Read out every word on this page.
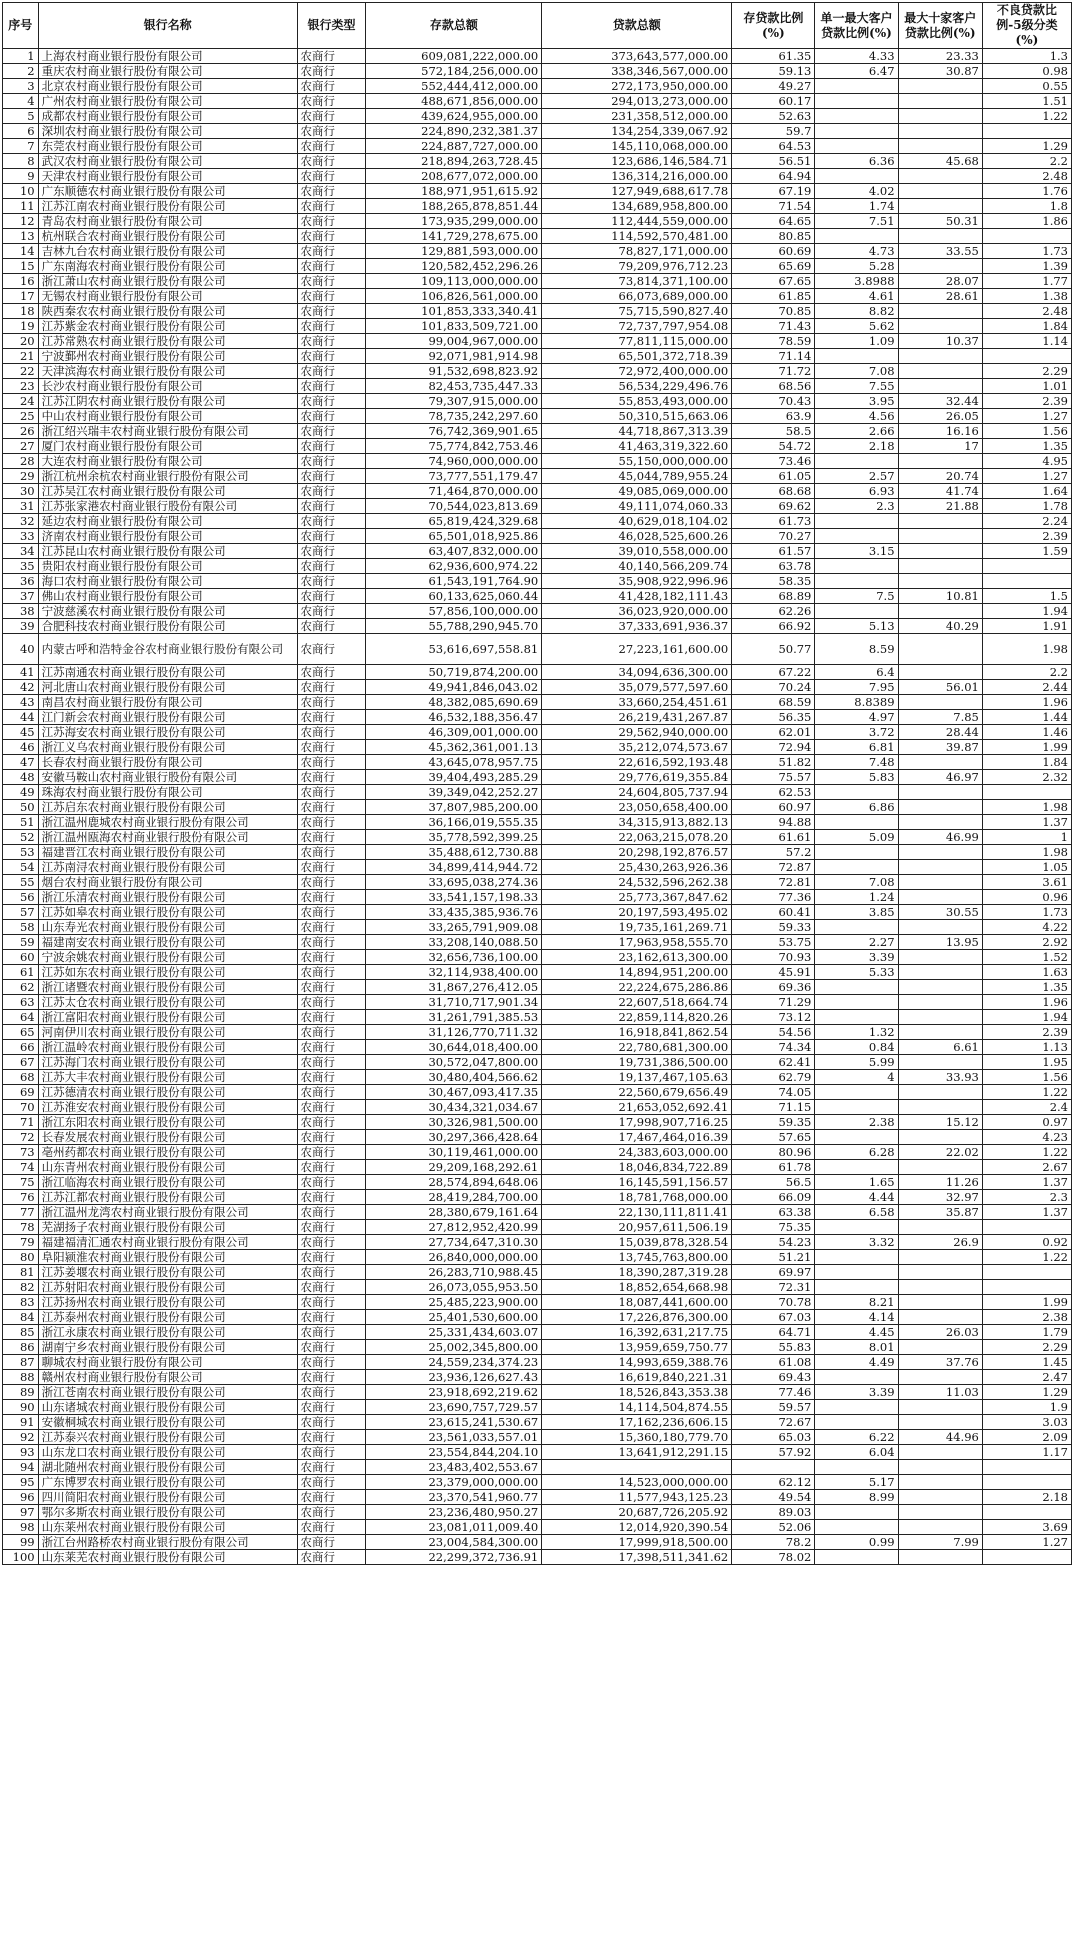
序号	银行名称	银行类型	存款总额	贷款总额	存贷款比例(%)	单一最大客户贷款比例(%)	最大十家客户贷款比例(%)	不良贷款比例-5级分类(%)
1	上海农村商业银行股份有限公司	农商行	609,081,222,000.00	373,643,577,000.00	61.35	4.33	23.33	1.3
2	重庆农村商业银行股份有限公司	农商行	572,184,256,000.00	338,346,567,000.00	59.13	6.47	30.87	0.98
3	北京农村商业银行股份有限公司	农商行	552,444,412,000.00	272,173,950,000.00	49.27			0.55
4	广州农村商业银行股份有限公司	农商行	488,671,856,000.00	294,013,273,000.00	60.17			1.51
5	成都农村商业银行股份有限公司	农商行	439,624,955,000.00	231,358,512,000.00	52.63			1.22
6	深圳农村商业银行股份有限公司	农商行	224,890,232,381.37	134,254,339,067.92	59.7			
7	东莞农村商业银行股份有限公司	农商行	224,887,727,000.00	145,110,068,000.00	64.53			1.29
8	武汉农村商业银行股份有限公司	农商行	218,894,263,728.45	123,686,146,584.71	56.51	6.36	45.68	2.2
9	天津农村商业银行股份有限公司	农商行	208,677,072,000.00	136,314,216,000.00	64.94			2.48
10	广东顺德农村商业银行股份有限公司	农商行	188,971,951,615.92	127,949,688,617.78	67.19	4.02		1.76
11	江苏江南农村商业银行股份有限公司	农商行	188,265,878,851.44	134,689,958,800.00	71.54	1.74		1.8
12	青岛农村商业银行股份有限公司	农商行	173,935,299,000.00	112,444,559,000.00	64.65	7.51	50.31	1.86
13	杭州联合农村商业银行股份有限公司	农商行	141,729,278,675.00	114,592,570,481.00	80.85			
14	吉林九台农村商业银行股份有限公司	农商行	129,881,593,000.00	78,827,171,000.00	60.69	4.73	33.55	1.73
15	广东南海农村商业银行股份有限公司	农商行	120,582,452,296.26	79,209,976,712.23	65.69	5.28		1.39
16	浙江萧山农村商业银行股份有限公司	农商行	109,113,000,000.00	73,814,371,100.00	67.65	3.8988	28.07	1.77
17	无锡农村商业银行股份有限公司	农商行	106,826,561,000.00	66,073,689,000.00	61.85	4.61	28.61	1.38
18	陕西秦农农村商业银行股份有限公司	农商行	101,853,333,340.41	75,715,590,827.40	70.85	8.82		2.48
19	江苏紫金农村商业银行股份有限公司	农商行	101,833,509,721.00	72,737,797,954.08	71.43	5.62		1.84
20	江苏常熟农村商业银行股份有限公司	农商行	99,004,967,000.00	77,811,115,000.00	78.59	1.09	10.37	1.14
21	宁波鄞州农村商业银行股份有限公司	农商行	92,071,981,914.98	65,501,372,718.39	71.14			
22	天津滨海农村商业银行股份有限公司	农商行	91,532,698,823.92	72,972,400,000.00	71.72	7.08		2.29
23	长沙农村商业银行股份有限公司	农商行	82,453,735,447.33	56,534,229,496.76	68.56	7.55		1.01
24	江苏江阴农村商业银行股份有限公司	农商行	79,307,915,000.00	55,853,493,000.00	70.43	3.95	32.44	2.39
25	中山农村商业银行股份有限公司	农商行	78,735,242,297.60	50,310,515,663.06	63.9	4.56	26.05	1.27
26	浙江绍兴瑞丰农村商业银行股份有限公司	农商行	76,742,369,901.65	44,718,867,313.39	58.5	2.66	16.16	1.56
27	厦门农村商业银行股份有限公司	农商行	75,774,842,753.46	41,463,319,322.60	54.72	2.18	17	1.35
28	大连农村商业银行股份有限公司	农商行	74,960,000,000.00	55,150,000,000.00	73.46			4.95
29	浙江杭州余杭农村商业银行股份有限公司	农商行	73,777,551,179.47	45,044,789,955.24	61.05	2.57	20.74	1.27
30	江苏吴江农村商业银行股份有限公司	农商行	71,464,870,000.00	49,085,069,000.00	68.68	6.93	41.74	1.64
31	江苏张家港农村商业银行股份有限公司	农商行	70,544,023,813.69	49,111,074,060.33	69.62	2.3	21.88	1.78
32	延边农村商业银行股份有限公司	农商行	65,819,424,329.68	40,629,018,104.02	61.73			2.24
33	济南农村商业银行股份有限公司	农商行	65,501,018,925.86	46,028,525,600.26	70.27			2.39
34	江苏昆山农村商业银行股份有限公司	农商行	63,407,832,000.00	39,010,558,000.00	61.57	3.15		1.59
35	贵阳农村商业银行股份有限公司	农商行	62,936,600,974.22	40,140,566,209.74	63.78			
36	海口农村商业银行股份有限公司	农商行	61,543,191,764.90	35,908,922,996.96	58.35			
37	佛山农村商业银行股份有限公司	农商行	60,133,625,060.44	41,428,182,111.43	68.89	7.5	10.81	1.5
38	宁波慈溪农村商业银行股份有限公司	农商行	57,856,100,000.00	36,023,920,000.00	62.26			1.94
39	合肥科技农村商业银行股份有限公司	农商行	55,788,290,945.70	37,333,691,936.37	66.92	5.13	40.29	1.91
40	内蒙古呼和浩特金谷农村商业银行股份有限公司	农商行	53,616,697,558.81	27,223,161,600.00	50.77	8.59		1.98
41	江苏南通农村商业银行股份有限公司	农商行	50,719,874,200.00	34,094,636,300.00	67.22	6.4		2.2
42	河北唐山农村商业银行股份有限公司	农商行	49,941,846,043.02	35,079,577,597.60	70.24	7.95	56.01	2.44
43	南昌农村商业银行股份有限公司	农商行	48,382,085,690.69	33,660,254,451.61	68.59	8.8389		1.96
44	江门新会农村商业银行股份有限公司	农商行	46,532,188,356.47	26,219,431,267.87	56.35	4.97	7.85	1.44
45	江苏海安农村商业银行股份有限公司	农商行	46,309,001,000.00	29,562,940,000.00	62.01	3.72	28.44	1.46
46	浙江义乌农村商业银行股份有限公司	农商行	45,362,361,001.13	35,212,074,573.67	72.94	6.81	39.87	1.99
47	长春农村商业银行股份有限公司	农商行	43,645,078,957.75	22,616,592,193.48	51.82	7.48		1.84
48	安徽马鞍山农村商业银行股份有限公司	农商行	39,404,493,285.29	29,776,619,355.84	75.57	5.83	46.97	2.32
49	珠海农村商业银行股份有限公司	农商行	39,349,042,252.27	24,604,805,737.94	62.53			
50	江苏启东农村商业银行股份有限公司	农商行	37,807,985,200.00	23,050,658,400.00	60.97	6.86		1.98
51	浙江温州鹿城农村商业银行股份有限公司	农商行	36,166,019,555.35	34,315,913,882.13	94.88			1.37
52	浙江温州瓯海农村商业银行股份有限公司	农商行	35,778,592,399.25	22,063,215,078.20	61.61	5.09	46.99	1
53	福建晋江农村商业银行股份有限公司	农商行	35,488,612,730.88	20,298,192,876.57	57.2			1.98
54	江苏南浔农村商业银行股份有限公司	农商行	34,899,414,944.72	25,430,263,926.36	72.87			1.05
55	烟台农村商业银行股份有限公司	农商行	33,695,038,274.36	24,532,596,262.38	72.81	7.08		3.61
56	浙江乐清农村商业银行股份有限公司	农商行	33,541,157,198.33	25,773,367,847.62	77.36	1.24		0.96
57	江苏如皋农村商业银行股份有限公司	农商行	33,435,385,936.76	20,197,593,495.02	60.41	3.85	30.55	1.73
58	山东寿光农村商业银行股份有限公司	农商行	33,265,791,909.08	19,735,161,269.71	59.33			4.22
59	福建南安农村商业银行股份有限公司	农商行	33,208,140,088.50	17,963,958,555.70	53.75	2.27	13.95	2.92
60	宁波余姚农村商业银行股份有限公司	农商行	32,656,736,100.00	23,162,613,300.00	70.93	3.39		1.52
61	江苏如东农村商业银行股份有限公司	农商行	32,114,938,400.00	14,894,951,200.00	45.91	5.33		1.63
62	浙江诸暨农村商业银行股份有限公司	农商行	31,867,276,412.05	22,224,675,286.86	69.36			1.35
63	江苏太仓农村商业银行股份有限公司	农商行	31,710,717,901.34	22,607,518,664.74	71.29			1.96
64	浙江富阳农村商业银行股份有限公司	农商行	31,261,791,385.53	22,859,114,820.26	73.12			1.94
65	河南伊川农村商业银行股份有限公司	农商行	31,126,770,711.32	16,918,841,862.54	54.56	1.32		2.39
66	浙江温岭农村商业银行股份有限公司	农商行	30,644,018,400.00	22,780,681,300.00	74.34	0.84	6.61	1.13
67	江苏海门农村商业银行股份有限公司	农商行	30,572,047,800.00	19,731,386,500.00	62.41	5.99		1.95
68	江苏大丰农村商业银行股份有限公司	农商行	30,480,404,566.62	19,137,467,105.63	62.79	4	33.93	1.56
69	江苏德清农村商业银行股份有限公司	农商行	30,467,093,417.35	22,560,679,656.49	74.05			1.22
70	江苏淮安农村商业银行股份有限公司	农商行	30,434,321,034.67	21,653,052,692.41	71.15			2.4
71	浙江东阳农村商业银行股份有限公司	农商行	30,326,981,500.00	17,998,907,716.25	59.35	2.38	15.12	0.97
72	长春发展农村商业银行股份有限公司	农商行	30,297,366,428.64	17,467,464,016.39	57.65			4.23
73	亳州药都农村商业银行股份有限公司	农商行	30,119,461,000.00	24,383,603,000.00	80.96	6.28	22.02	1.22
74	山东青州农村商业银行股份有限公司	农商行	29,209,168,292.61	18,046,834,722.89	61.78			2.67
75	浙江临海农村商业银行股份有限公司	农商行	28,574,894,648.06	16,145,591,156.57	56.5	1.65	11.26	1.37
76	江苏江都农村商业银行股份有限公司	农商行	28,419,284,700.00	18,781,768,000.00	66.09	4.44	32.97	2.3
77	浙江温州龙湾农村商业银行股份有限公司	农商行	28,380,679,161.64	22,130,111,811.41	63.38	6.58	35.87	1.37
78	芜湖扬子农村商业银行股份有限公司	农商行	27,812,952,420.99	20,957,611,506.19	75.35			
79	福建福清汇通农村商业银行股份有限公司	农商行	27,734,647,310.30	15,039,878,328.54	54.23	3.32	26.9	0.92
80	阜阳颍淮农村商业银行股份有限公司	农商行	26,840,000,000.00	13,745,763,800.00	51.21			1.22
81	江苏姜堰农村商业银行股份有限公司	农商行	26,283,710,988.45	18,390,287,319.28	69.97			
82	江苏射阳农村商业银行股份有限公司	农商行	26,073,055,953.50	18,852,654,668.98	72.31			
83	江苏扬州农村商业银行股份有限公司	农商行	25,485,223,900.00	18,087,441,600.00	70.78	8.21		1.99
84	江苏泰州农村商业银行股份有限公司	农商行	25,401,530,600.00	17,226,876,300.00	67.03	4.14		2.38
85	浙江永康农村商业银行股份有限公司	农商行	25,331,434,603.07	16,392,631,217.75	64.71	4.45	26.03	1.79
86	湖南宁乡农村商业银行股份有限公司	农商行	25,002,345,800.00	13,959,659,750.77	55.83	8.01		2.29
87	聊城农村商业银行股份有限公司	农商行	24,559,234,374.23	14,993,659,388.76	61.08	4.49	37.76	1.45
88	赣州农村商业银行股份有限公司	农商行	23,936,126,627.43	16,619,840,221.31	69.43			2.47
89	浙江苍南农村商业银行股份有限公司	农商行	23,918,692,219.62	18,526,843,353.38	77.46	3.39	11.03	1.29
90	山东诸城农村商业银行股份有限公司	农商行	23,690,757,729.57	14,114,504,874.55	59.57			1.9
91	安徽桐城农村商业银行股份有限公司	农商行	23,615,241,530.67	17,162,236,606.15	72.67			3.03
92	江苏泰兴农村商业银行股份有限公司	农商行	23,561,033,557.01	15,360,180,779.70	65.03	6.22	44.96	2.09
93	山东龙口农村商业银行股份有限公司	农商行	23,554,844,204.10	13,641,912,291.15	57.92	6.04		1.17
94	湖北随州农村商业银行股份有限公司	农商行	23,483,402,553.67					
95	广东博罗农村商业银行股份有限公司	农商行	23,379,000,000.00	14,523,000,000.00	62.12	5.17		
96	四川简阳农村商业银行股份有限公司	农商行	23,370,541,960.77	11,577,943,125.23	49.54	8.99		2.18
97	鄂尔多斯农村商业银行股份有限公司	农商行	23,236,480,950.27	20,687,726,205.92	89.03			
98	山东莱州农村商业银行股份有限公司	农商行	23,081,011,009.40	12,014,920,390.54	52.06			3.69
99	浙江台州路桥农村商业银行股份有限公司	农商行	23,004,584,300.00	17,999,918,500.00	78.2	0.99	7.99	1.27
100	山东莱芜农村商业银行股份有限公司	农商行	22,299,372,736.91	17,398,511,341.62	78.02			
